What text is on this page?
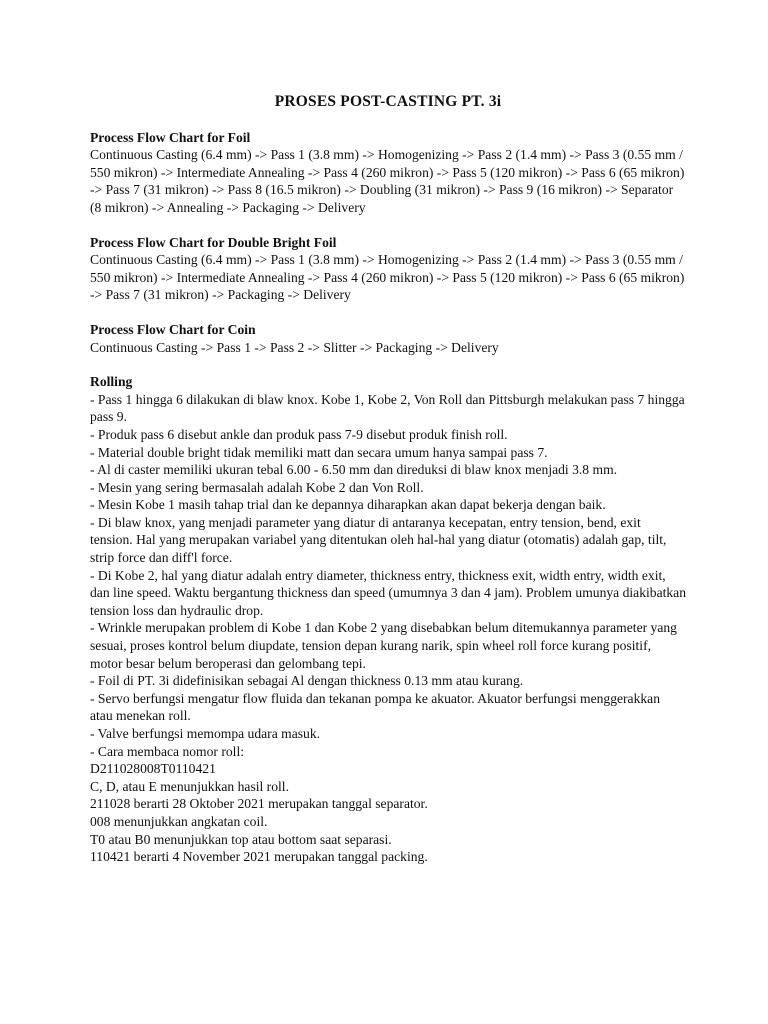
PROSES POST-CASTING PT. 3i
Process Flow Chart for Foil
Continuous Casting (6.4 mm) -> Pass 1 (3.8 mm) -> Homogenizing -> Pass 2 (1.4 mm) -> Pass 3 (0.55 mm / 550 mikron) -> Intermediate Annealing -> Pass 4 (260 mikron) -> Pass 5 (120 mikron) -> Pass 6 (65 mikron) -> Pass 7 (31 mikron) -> Pass 8 (16.5 mikron) -> Doubling (31 mikron) -> Pass 9 (16 mikron) -> Separator (8 mikron) -> Annealing -> Packaging -> Delivery
Process Flow Chart for Double Bright Foil
Continuous Casting (6.4 mm) -> Pass 1 (3.8 mm) -> Homogenizing -> Pass 2 (1.4 mm) -> Pass 3 (0.55 mm / 550 mikron) -> Intermediate Annealing -> Pass 4 (260 mikron) -> Pass 5 (120 mikron) -> Pass 6 (65 mikron) -> Pass 7 (31 mikron) -> Packaging -> Delivery
Process Flow Chart for Coin
Continuous Casting -> Pass 1 -> Pass 2 -> Slitter -> Packaging -> Delivery
Rolling
- Pass 1 hingga 6 dilakukan di blaw knox. Kobe 1, Kobe 2, Von Roll dan Pittsburgh melakukan pass 7 hingga pass 9.
- Produk pass 6 disebut ankle dan produk pass 7-9 disebut produk finish roll.
- Material double bright tidak memiliki matt dan secara umum hanya sampai pass 7.
- Al di caster memiliki ukuran tebal 6.00 - 6.50 mm dan direduksi di blaw knox menjadi 3.8 mm.
- Mesin yang sering bermasalah adalah Kobe 2 dan Von Roll.
- Mesin Kobe 1 masih tahap trial dan ke depannya diharapkan akan dapat bekerja dengan baik.
- Di blaw knox, yang menjadi parameter yang diatur di antaranya kecepatan, entry tension, bend, exit tension. Hal yang merupakan variabel yang ditentukan oleh hal-hal yang diatur (otomatis) adalah gap, tilt, strip force dan diff'l force.
- Di Kobe 2, hal yang diatur adalah entry diameter, thickness entry, thickness exit, width entry, width exit, dan line speed. Waktu bergantung thickness dan speed (umumnya 3 dan 4 jam). Problem umunya diakibatkan tension loss dan hydraulic drop.
- Wrinkle merupakan problem di Kobe 1 dan Kobe 2 yang disebabkan belum ditemukannya parameter yang sesuai, proses kontrol belum diupdate, tension depan kurang narik, spin wheel roll force kurang positif, motor besar belum beroperasi dan gelombang tepi.
- Foil di PT. 3i didefinisikan sebagai Al dengan thickness 0.13 mm atau kurang.
- Servo berfungsi mengatur flow fluida dan tekanan pompa ke akuator. Akuator berfungsi menggerakkan atau menekan roll.
- Valve berfungsi memompa udara masuk.
- Cara membaca nomor roll:
D211028008T0110421
C, D, atau E menunjukkan hasil roll.
211028 berarti 28 Oktober 2021 merupakan tanggal separator.
008 menunjukkan angkatan coil.
T0 atau B0 menunjukkan top atau bottom saat separasi.
110421 berarti 4 November 2021 merupakan tanggal packing.
